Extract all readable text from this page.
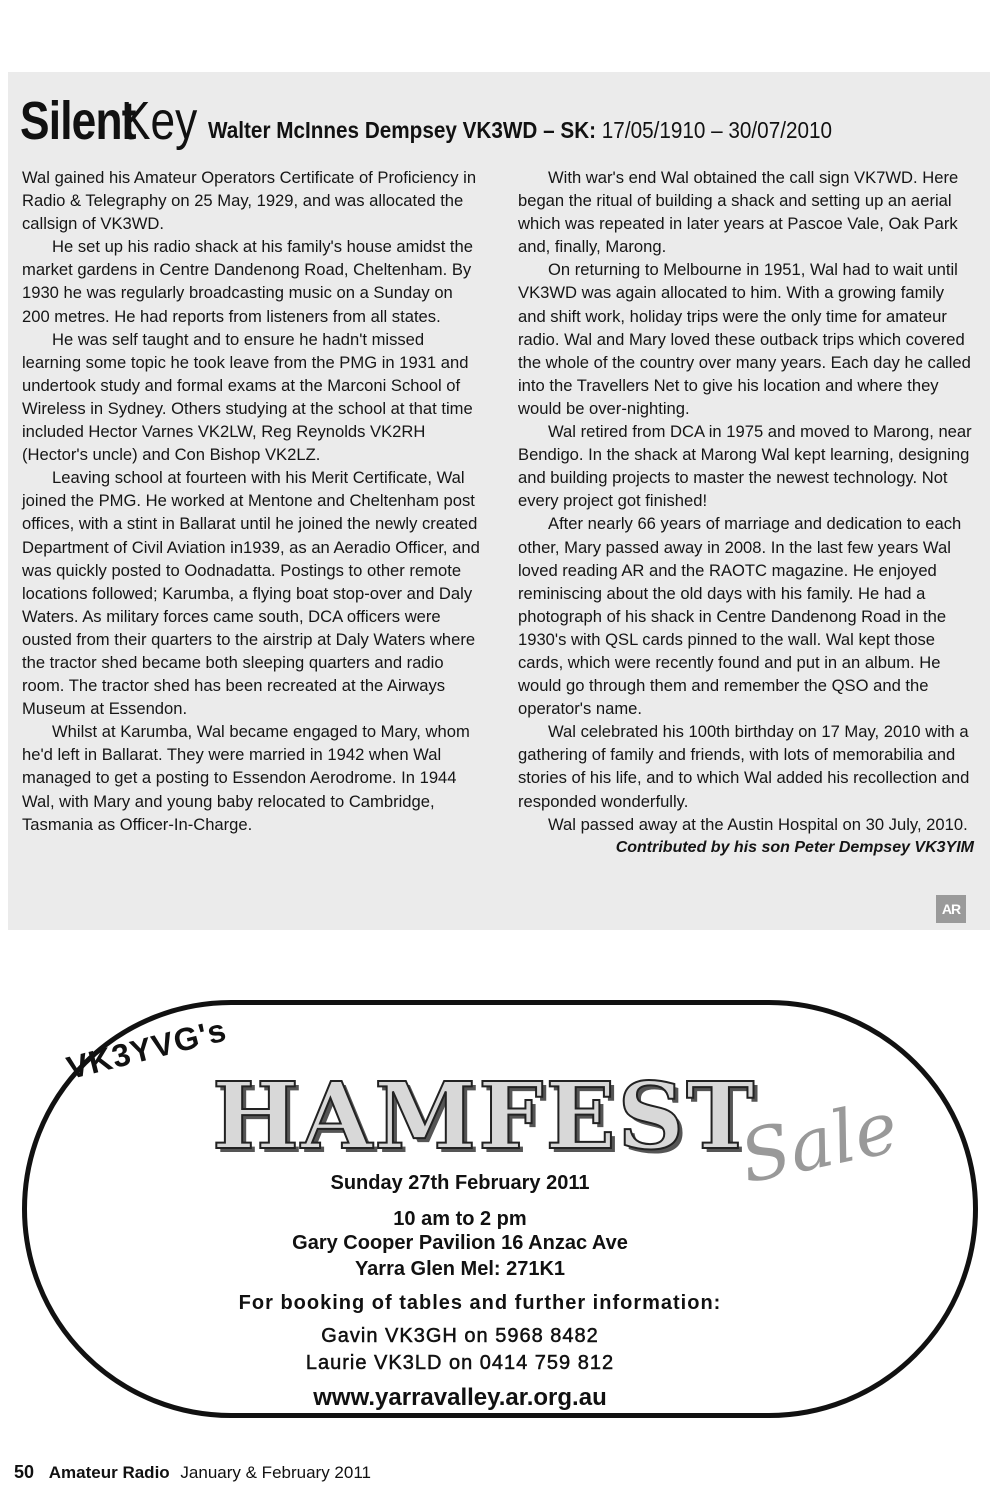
Silent
Key Walter McInnes Dempsey VK3WD – SK: 17/05/1910 – 30/07/2010

Wal gained his Amateur Operators Certificate of Proficiency in Radio & Telegraphy on 25 May, 1929, and was allocated the callsign of VK3WD.

He set up his radio shack at his family's house amidst the market gardens in Centre Dandenong Road, Cheltenham. By 1930 he was regularly broadcasting music on a Sunday on 200 metres. He had reports from listeners from all states.

He was self taught and to ensure he hadn't missed learning some topic he took leave from the PMG in 1931 and undertook study and formal exams at the Marconi School of Wireless in Sydney. Others studying at the school at that time included Hector Varnes VK2LW, Reg Reynolds VK2RH (Hector's uncle) and Con Bishop VK2LZ.

Leaving school at fourteen with his Merit Certificate, Wal joined the PMG. He worked at Mentone and Cheltenham post offices, with a stint in Ballarat until he joined the newly created Department of Civil Aviation in1939, as an Aeradio Officer, and was quickly posted to Oodnadatta. Postings to other remote locations followed; Karumba, a flying boat stop-over and Daly Waters. As military forces came south, DCA officers were ousted from their quarters to the airstrip at Daly Waters where the tractor shed became both sleeping quarters and radio room. The tractor shed has been recreated at the Airways Museum at Essendon.

Whilst at Karumba, Wal became engaged to Mary, whom he'd left in Ballarat. They were married in 1942 when Wal managed to get a posting to Essendon Aerodrome. In 1944 Wal, with Mary and young baby relocated to Cambridge, Tasmania as Officer-In-Charge.

With war's end Wal obtained the call sign VK7WD. Here began the ritual of building a shack and setting up an aerial which was repeated in later years at Pascoe Vale, Oak Park and, finally, Marong.

On returning to Melbourne in 1951, Wal had to wait until VK3WD was again allocated to him. With a growing family and shift work, holiday trips were the only time for amateur radio. Wal and Mary loved these outback trips which covered the whole of the country over many years. Each day he called into the Travellers Net to give his location and where they would be over-nighting.

Wal retired from DCA in 1975 and moved to Marong, near Bendigo. In the shack at Marong Wal kept learning, designing and building projects to master the newest technology. Not every project got finished!

After nearly 66 years of marriage and dedication to each other, Mary passed away in 2008. In the last few years Wal loved reading AR and the RAOTC magazine. He enjoyed reminiscing about the old days with his family. He had a photograph of his shack in Centre Dandenong Road in the 1930's with QSL cards pinned to the wall. Wal kept those cards, which were recently found and put in an album. He would go through them and remember the QSO and the operator's name.

Wal celebrated his 100th birthday on 17 May, 2010 with a gathering of family and friends, with lots of memorabilia and stories of his life, and to which Wal added his recollection and responded wonderfully.

Wal passed away at the Austin Hospital on 30 July, 2010.

Contributed by his son Peter Dempsey VK3YIM

AR
VK3YVG's
HAMFEST
Sale
Sunday 27th February 2011
10 am to 2 pm
Gary Cooper Pavilion 16 Anzac Ave
Yarra Glen Mel: 271K1
For booking of tables and further information:
Gavin VK3GH on 5968 8482
Laurie VK3LD on 0414 759 812
www.yarravalley.ar.org.au
50 Amateur Radio January & February 2011
